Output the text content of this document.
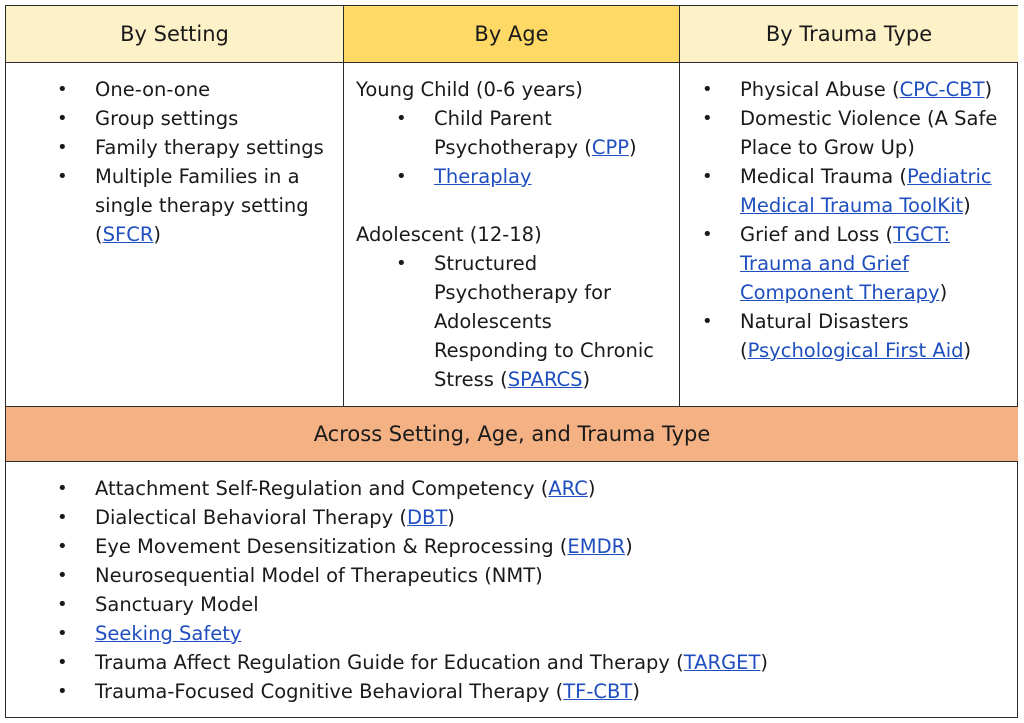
By Setting	By Age	By Trauma Type
• One-on-one
• Group settings
• Family therapy settings
• Multiple Families in a single therapy setting (SFCR)
Young Child (0-6 years)
• Child Parent Psychotherapy (CPP)
• Theraplay
Adolescent (12-18)
• Structured Psychotherapy for Adolescents Responding to Chronic Stress (SPARCS)
• Physical Abuse (CPC-CBT)
• Domestic Violence (A Safe Place to Grow Up)
• Medical Trauma (Pediatric Medical Trauma ToolKit)
• Grief and Loss (TGCT: Trauma and Grief Component Therapy)
• Natural Disasters (Psychological First Aid)
Across Setting, Age, and Trauma Type
• Attachment Self-Regulation and Competency (ARC)
• Dialectical Behavioral Therapy (DBT)
• Eye Movement Desensitization & Reprocessing (EMDR)
• Neurosequential Model of Therapeutics (NMT)
• Sanctuary Model
• Seeking Safety
• Trauma Affect Regulation Guide for Education and Therapy (TARGET)
• Trauma-Focused Cognitive Behavioral Therapy (TF-CBT)
